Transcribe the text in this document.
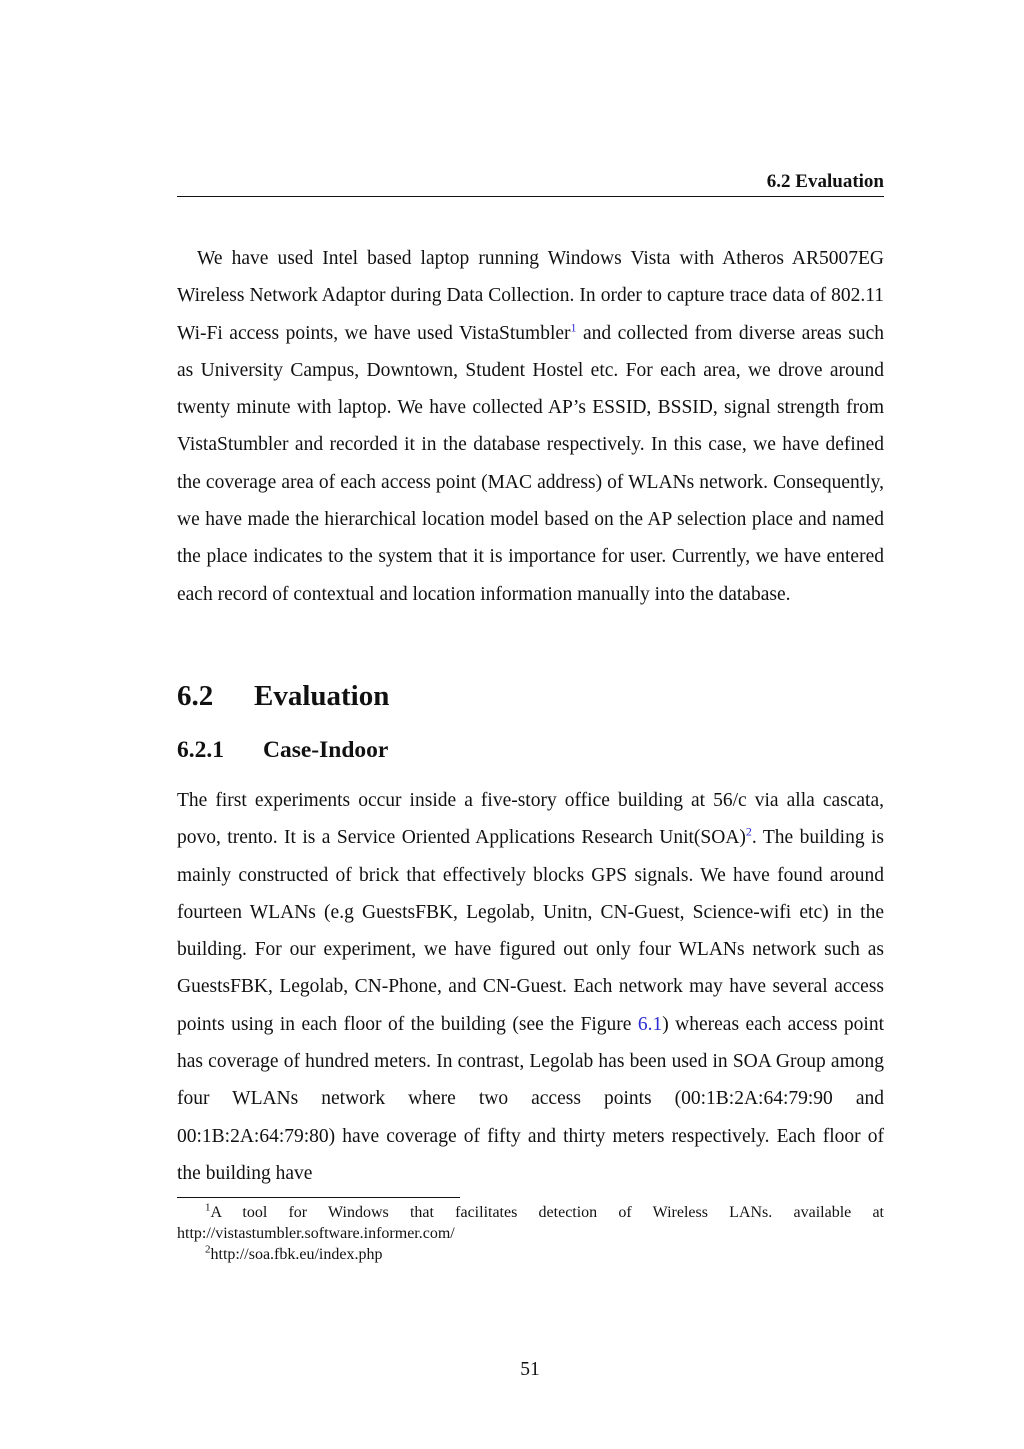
6.2 Evaluation

We have used Intel based laptop running Windows Vista with Atheros AR5007EG Wireless Network Adaptor during Data Collection. In order to capture trace data of 802.11 Wi-Fi access points, we have used VistaStumbler$^1$ and collected from diverse areas such as University Campus, Downtown, Student Hostel etc. For each area, we drove around twenty minute with laptop. We have collected AP’s ESSID, BSSID, signal strength from VistaStumbler and recorded it in the database respectively. In this case, we have defined the coverage area of each access point (MAC address) of WLANs network. Consequently, we have made the hierarchical location model based on the AP selection place and named the place indicates to the system that it is importance for user. Currently, we have entered each record of contextual and location information manually into the database.

6.2 Evaluation
6.2.1 Case-Indoor

The first experiments occur inside a five-story office building at 56/c via alla cascata, povo, trento. It is a Service Oriented Applications Research Unit(SOA)$^2$. The building is mainly constructed of brick that effectively blocks GPS signals. We have found around fourteen WLANs (e.g GuestsFBK, Legolab, Unitn, CN-Guest, Science-wifi etc) in the building. For our experiment, we have figured out only four WLANs network such as GuestsFBK, Legolab, CN-Phone, and CN-Guest. Each network may have several access points using in each floor of the building (see the Figure 6.1) whereas each access point has coverage of hundred meters. In contrast, Legolab has been used in SOA Group among four WLANs network where two access points (00:1B:2A:64:79:90 and 00:1B:2A:64:79:80) have coverage of fifty and thirty meters respectively. Each floor of the building have

$^1$A tool for Windows that facilitates detection of Wireless LANs. available at http://vistastumbler.software.informer.com/

$^2$http://soa.fbk.eu/index.php

51
